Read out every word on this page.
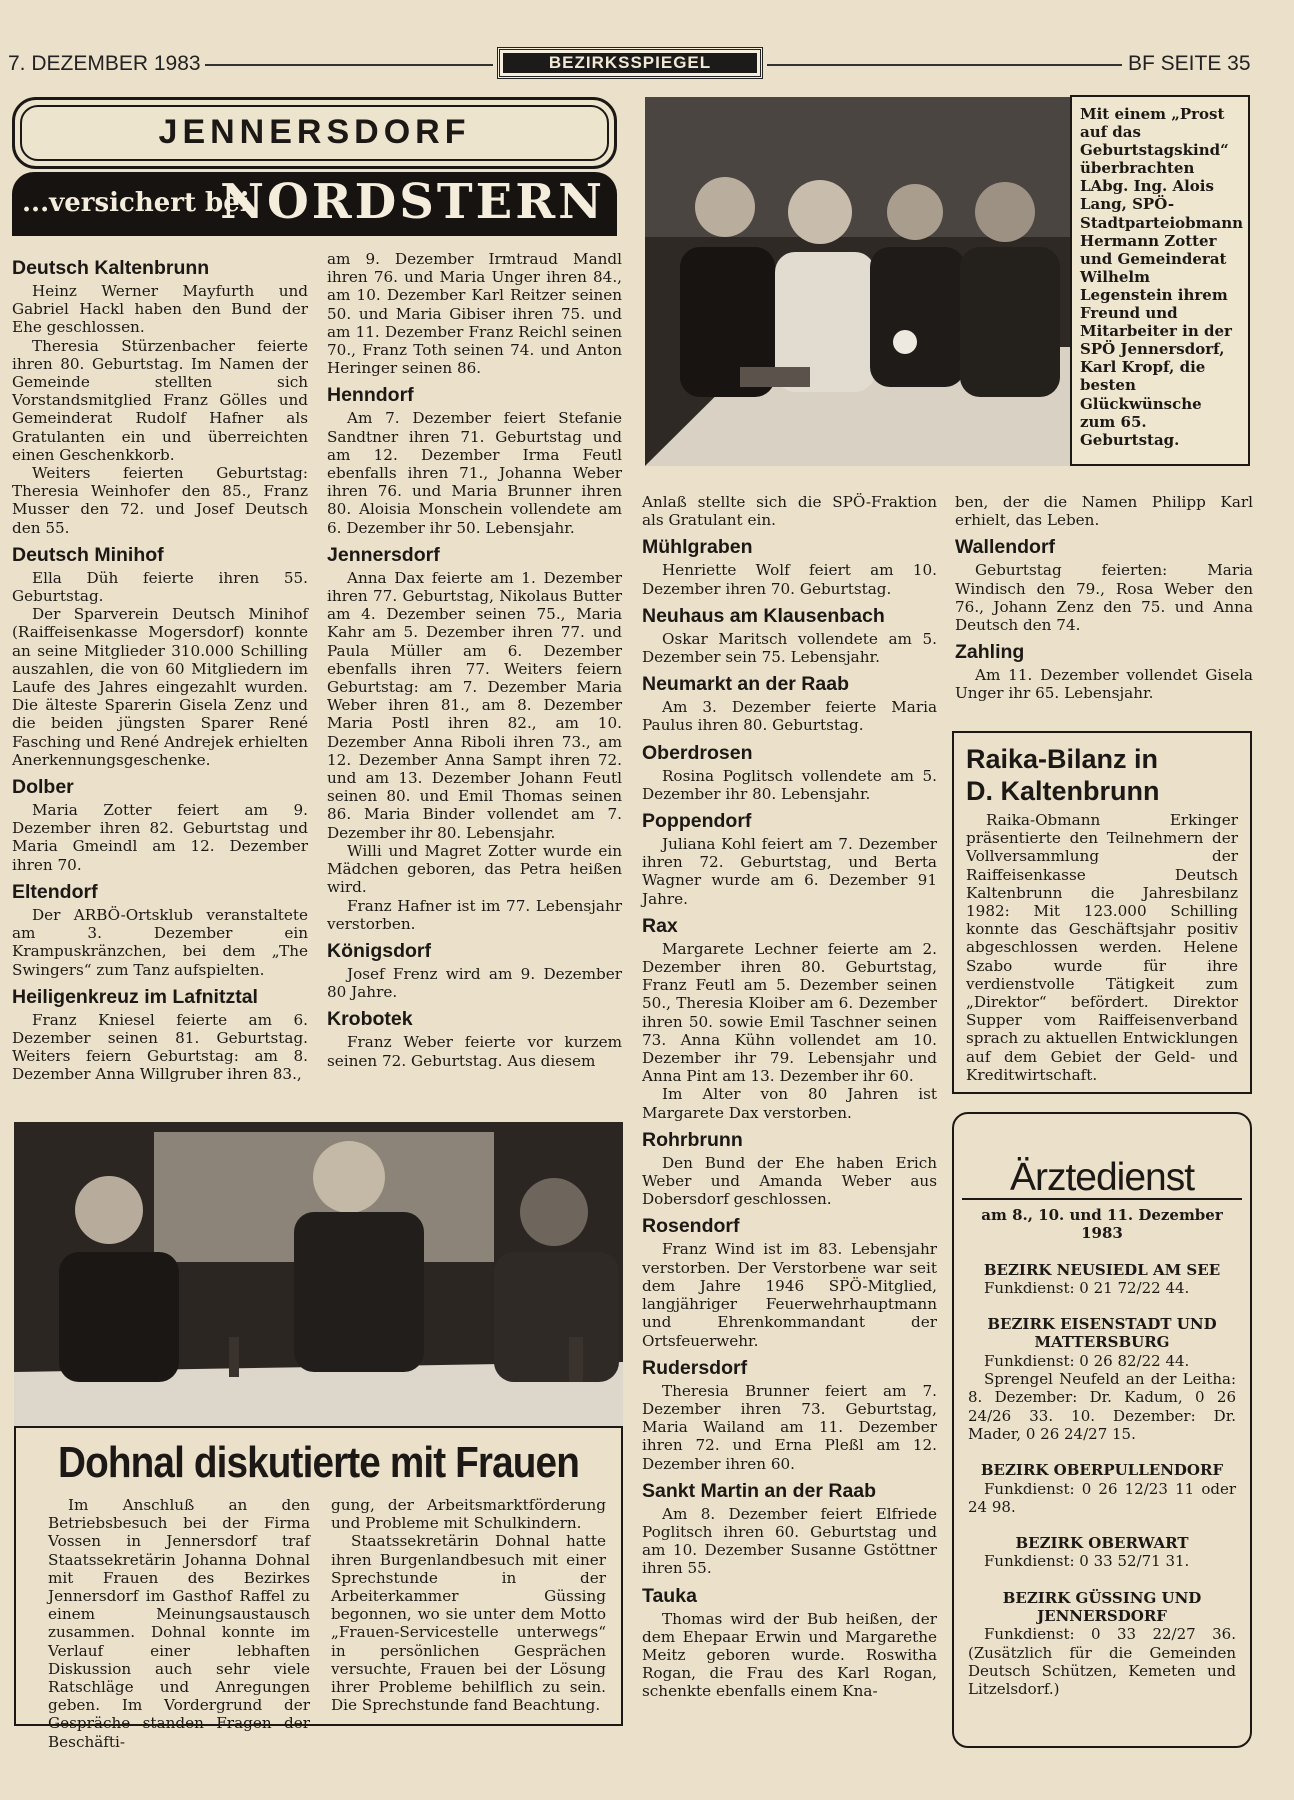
7. DEZEMBER 1983	BEZIRKSSPIEGEL	BF SEITE 35
JENNERSDORF
...versichert bei
NORDSTERN
Deutsch Kaltenbrunn

Heinz Werner Mayfurth und Gabriel Hackl haben den Bund der Ehe geschlossen.

Theresia Stürzenbacher feierte ihren 80. Geburtstag. Im Namen der Gemeinde stellten sich Vorstandsmitglied Franz Gölles und Gemeinderat Rudolf Hafner als Gratulanten ein und überreichten einen Geschenkkorb.

Weiters feierten Geburtstag: Theresia Weinhofer den 85., Franz Musser den 72. und Josef Deutsch den 55.

Deutsch Minihof

Ella Düh feierte ihren 55. Geburtstag.

Der Sparverein Deutsch Minihof (Raiffeisenkasse Mogersdorf) konnte an seine Mitglieder 310.000 Schilling auszahlen, die von 60 Mitgliedern im Laufe des Jahres eingezahlt wurden. Die älteste Sparerin Gisela Zenz und die beiden jüngsten Sparer René Fasching und René Andrejek erhielten Anerkennungsgeschenke.

Dolber

Maria Zotter feiert am 9. Dezember ihren 82. Geburtstag und Maria Gmeindl am 12. Dezember ihren 70.

Eltendorf

Der ARBÖ-Ortsklub veranstaltete am 3. Dezember ein Krampuskränzchen, bei dem „The Swingers“ zum Tanz aufspielten.

Heiligenkreuz im Lafnitztal

Franz Kniesel feierte am 6. Dezember seinen 81. Geburtstag. Weiters feiern Geburtstag: am 8. Dezember Anna Willgruber ihren 83.,

am 9. Dezember Irmtraud Mandl ihren 76. und Maria Unger ihren 84., am 10. Dezember Karl Reitzer seinen 50. und Maria Gibiser ihren 75. und am 11. Dezember Franz Reichl seinen 70., Franz Toth seinen 74. und Anton Heringer seinen 86.

Henndorf

Am 7. Dezember feiert Stefanie Sandtner ihren 71. Geburtstag und am 12. Dezember Irma Feutl ebenfalls ihren 71., Johanna Weber ihren 76. und Maria Brunner ihren 80. Aloisia Monschein vollendete am 6. Dezember ihr 50. Lebensjahr.

Jennersdorf

Anna Dax feierte am 1. Dezember ihren 77. Geburtstag, Nikolaus Butter am 4. Dezember seinen 75., Maria Kahr am 5. Dezember ihren 77. und Paula Müller am 6. Dezember ebenfalls ihren 77. Weiters feiern Geburtstag: am 7. Dezember Maria Weber ihren 81., am 8. Dezember Maria Postl ihren 82., am 10. Dezember Anna Riboli ihren 73., am 12. Dezember Anna Sampt ihren 72. und am 13. Dezember Johann Feutl seinen 80. und Emil Thomas seinen 86. Maria Binder vollendet am 7. Dezember ihr 80. Lebensjahr.

Willi und Magret Zotter wurde ein Mädchen geboren, das Petra heißen wird.

Franz Hafner ist im 77. Lebensjahr verstorben.

Königsdorf

Josef Frenz wird am 9. Dezember 80 Jahre.

Krobotek

Franz Weber feierte vor kurzem seinen 72. Geburtstag. Aus diesem

Anlaß stellte sich die SPÖ-Fraktion als Gratulant ein.

Mühlgraben

Henriette Wolf feiert am 10. Dezember ihren 70. Geburtstag.

Neuhaus am Klausenbach

Oskar Maritsch vollendete am 5. Dezember sein 75. Lebensjahr.

Neumarkt an der Raab

Am 3. Dezember feierte Maria Paulus ihren 80. Geburtstag.

Oberdrosen

Rosina Poglitsch vollendete am 5. Dezember ihr 80. Lebensjahr.

Poppendorf

Juliana Kohl feiert am 7. Dezember ihren 72. Geburtstag, und Berta Wagner wurde am 6. Dezember 91 Jahre.

Rax

Margarete Lechner feierte am 2. Dezember ihren 80. Geburtstag, Franz Feutl am 5. Dezember seinen 50., Theresia Kloiber am 6. Dezember ihren 50. sowie Emil Taschner seinen 73. Anna Kühn vollendet am 10. Dezember ihr 79. Lebensjahr und Anna Pint am 13. Dezember ihr 60.

Im Alter von 80 Jahren ist Margarete Dax verstorben.

Rohrbrunn

Den Bund der Ehe haben Erich Weber und Amanda Weber aus Dobersdorf geschlossen.

Rosendorf

Franz Wind ist im 83. Lebensjahr verstorben. Der Verstorbene war seit dem Jahre 1946 SPÖ-Mitglied, langjähriger Feuerwehrhauptmann und Ehrenkommandant der Ortsfeuerwehr.

Rudersdorf

Theresia Brunner feiert am 7. Dezember ihren 73. Geburtstag, Maria Wailand am 11. Dezember ihren 72. und Erna Pleßl am 12. Dezember ihren 60.

Sankt Martin an der Raab

Am 8. Dezember feiert Elfriede Poglitsch ihren 60. Geburtstag und am 10. Dezember Susanne Gstöttner ihren 55.

Tauka

Thomas wird der Bub heißen, der dem Ehepaar Erwin und Margarethe Meitz geboren wurde. Roswitha Rogan, die Frau des Karl Rogan, schenkte ebenfalls einem Kna-

ben, der die Namen Philipp Karl erhielt, das Leben.

Wallendorf

Geburtstag feierten: Maria Windisch den 79., Rosa Weber den 76., Johann Zenz den 75. und Anna Deutsch den 74.

Zahling

Am 11. Dezember vollendet Gisela Unger ihr 65. Lebensjahr.

Mit einem „Prost auf das Geburtstagskind“ überbrachten LAbg. Ing. Alois Lang, SPÖ-Stadtparteiobmann Hermann Zotter und Gemeinderat Wilhelm Legenstein ihrem Freund und Mitarbeiter in der SPÖ Jennersdorf, Karl Kropf, die besten Glückwünsche zum 65. Geburtstag.
Dohnal diskutierte mit Frauen

Im Anschluß an den Betriebsbesuch bei der Firma Vossen in Jennersdorf traf Staatssekretärin Johanna Dohnal mit Frauen des Bezirkes Jennersdorf im Gasthof Raffel zu einem Meinungsaustausch zusammen. Dohnal konnte im Verlauf einer lebhaften Diskussion auch sehr viele Ratschläge und Anregungen geben. Im Vordergrund der Gespräche standen Fragen der Beschäfti-

gung, der Arbeitsmarktförderung und Probleme mit Schulkindern.

Staatssekretärin Dohnal hatte ihren Burgenlandbesuch mit einer Sprechstunde in der Arbeiterkammer Güssing begonnen, wo sie unter dem Motto „Frauen-Servicestelle unterwegs“ in persönlichen Gesprächen versuchte, Frauen bei der Lösung ihrer Probleme behilflich zu sein. Die Sprechstunde fand Beachtung.

Raika-Bilanz in
D. Kaltenbrunn

Raika-Obmann Erkinger präsentierte den Teilnehmern der Vollversammlung der Raiffeisenkasse Deutsch Kaltenbrunn die Jahresbilanz 1982: Mit 123.000 Schilling konnte das Geschäftsjahr positiv abgeschlossen werden. Helene Szabo wurde für ihre verdienstvolle Tätigkeit zum „Direktor“ befördert. Direktor Supper vom Raiffeisenverband sprach zu aktuellen Entwicklungen auf dem Gebiet der Geld- und Kreditwirtschaft.

Ärztedienst
am 8., 10. und 11. Dezember 1983
BEZIRK NEUSIEDL AM SEE

Funkdienst: 0 21 72/22 44.

BEZIRK EISENSTADT UND MATTERSBURG

Funkdienst: 0 26 82/22 44.

Sprengel Neufeld an der Leitha: 8. Dezember: Dr. Kadum, 0 26 24/26 33. 10. Dezember: Dr. Mader, 0 26 24/27 15.

BEZIRK OBERPULLENDORF

Funkdienst: 0 26 12/23 11 oder 24 98.

BEZIRK OBERWART

Funkdienst: 0 33 52/71 31.

BEZIRK GÜSSING UND JENNERSDORF

Funkdienst: 0 33 22/27 36. (Zusätzlich für die Gemeinden Deutsch Schützen, Kemeten und Litzelsdorf.)
